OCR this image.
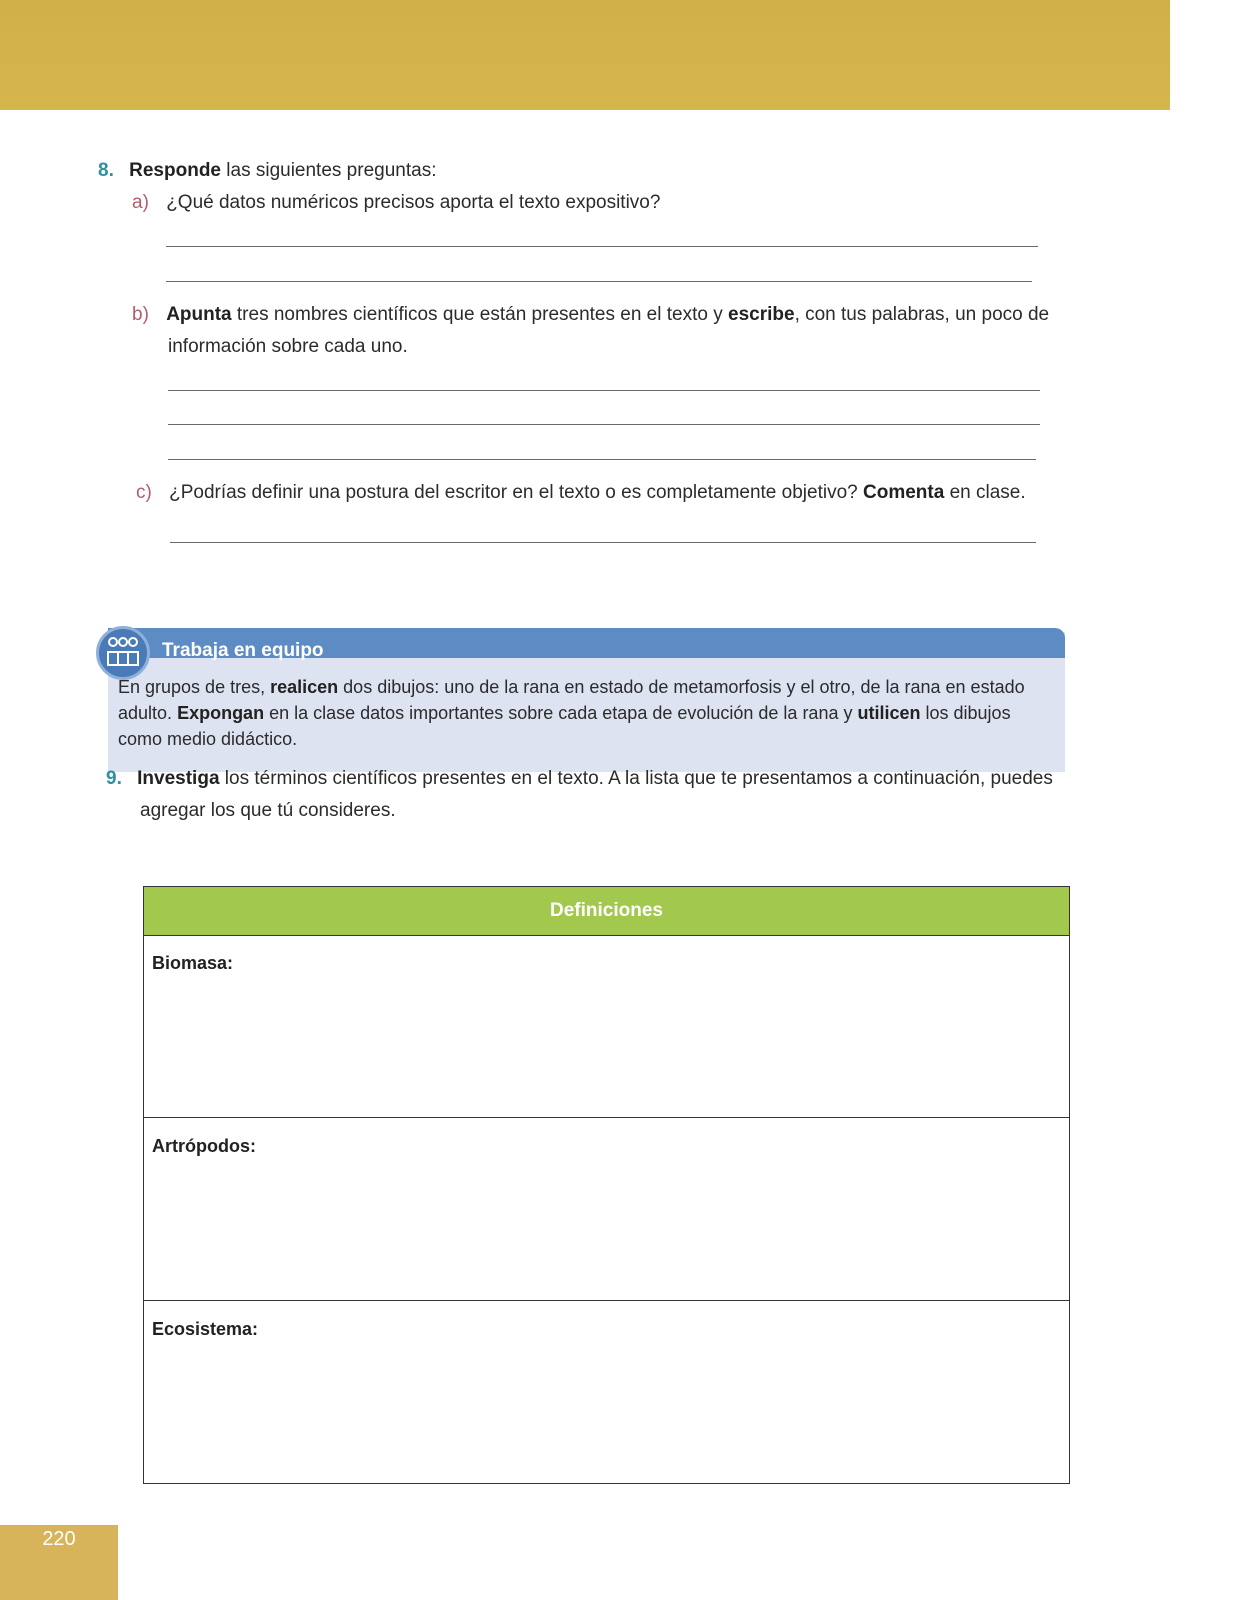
8. Responde las siguientes preguntas:
a) ¿Qué datos numéricos precisos aporta el texto expositivo?
b) Apunta tres nombres científicos que están presentes en el texto y escribe, con tus palabras, un poco de
información sobre cada uno.
c) ¿Podrías definir una postura del escritor en el texto o es completamente objetivo? Comenta en clase.
Trabaja en equipo
En grupos de tres, realicen dos dibujos: uno de la rana en estado de metamorfosis y el otro, de la rana en estado adulto. Expongan en la clase datos importantes sobre cada etapa de evolución de la rana y utilicen los dibujos como medio didáctico.
9. Investiga los términos científicos presentes en el texto. A la lista que te presentamos a continuación, puedes
agregar los que tú consideres.
Definiciones
Biomasa:
Artrópodos:
Ecosistema:
220
